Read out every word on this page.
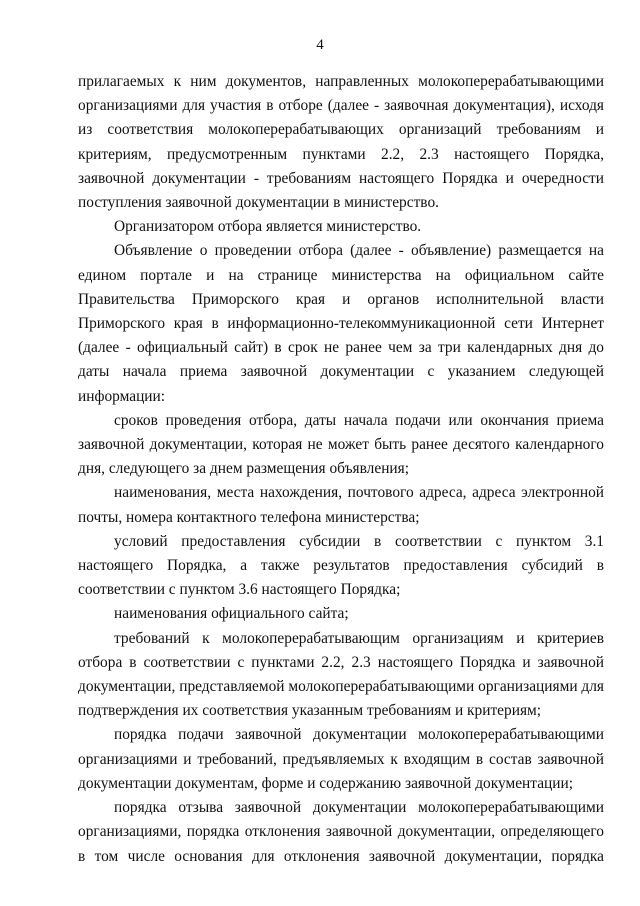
4

прилагаемых к ним документов, направленных молокоперерабатывающими организациями для участия в отборе (далее - заявочная документация), исходя из соответствия молокоперерабатывающих организаций требованиям и критериям, предусмотренным пунктами 2.2, 2.3 настоящего Порядка, заявочной документации - требованиям настоящего Порядка и очередности поступления заявочной документации в министерство.

Организатором отбора является министерство.

Объявление о проведении отбора (далее - объявление) размещается на едином портале и на странице министерства на официальном сайте Правительства Приморского края и органов исполнительной власти Приморского края в информационно-телекоммуникационной сети Интернет (далее - официальный сайт) в срок не ранее чем за три календарных дня до даты начала приема заявочной документации с указанием следующей информации:

сроков проведения отбора, даты начала подачи или окончания приема заявочной документации, которая не может быть ранее десятого календарного дня, следующего за днем размещения объявления;

наименования, места нахождения, почтового адреса, адреса электронной почты, номера контактного телефона министерства;

условий предоставления субсидии в соответствии с пунктом 3.1 настоящего Порядка, а также результатов предоставления субсидий в соответствии с пунктом 3.6 настоящего Порядка;

наименования официального сайта;

требований к молокоперерабатывающим организациям и критериев отбора в соответствии с пунктами 2.2, 2.3 настоящего Порядка и заявочной документации, представляемой молокоперерабатывающими организациями для подтверждения их соответствия указанным требованиям и критериям;

порядка подачи заявочной документации молокоперерабатывающими организациями и требований, предъявляемых к входящим в состав заявочной документации документам, форме и содержанию заявочной документации;

порядка отзыва заявочной документации молокоперерабатывающими организациями, порядка отклонения заявочной документации, определяющего в том числе основания для отклонения заявочной документации, порядка
